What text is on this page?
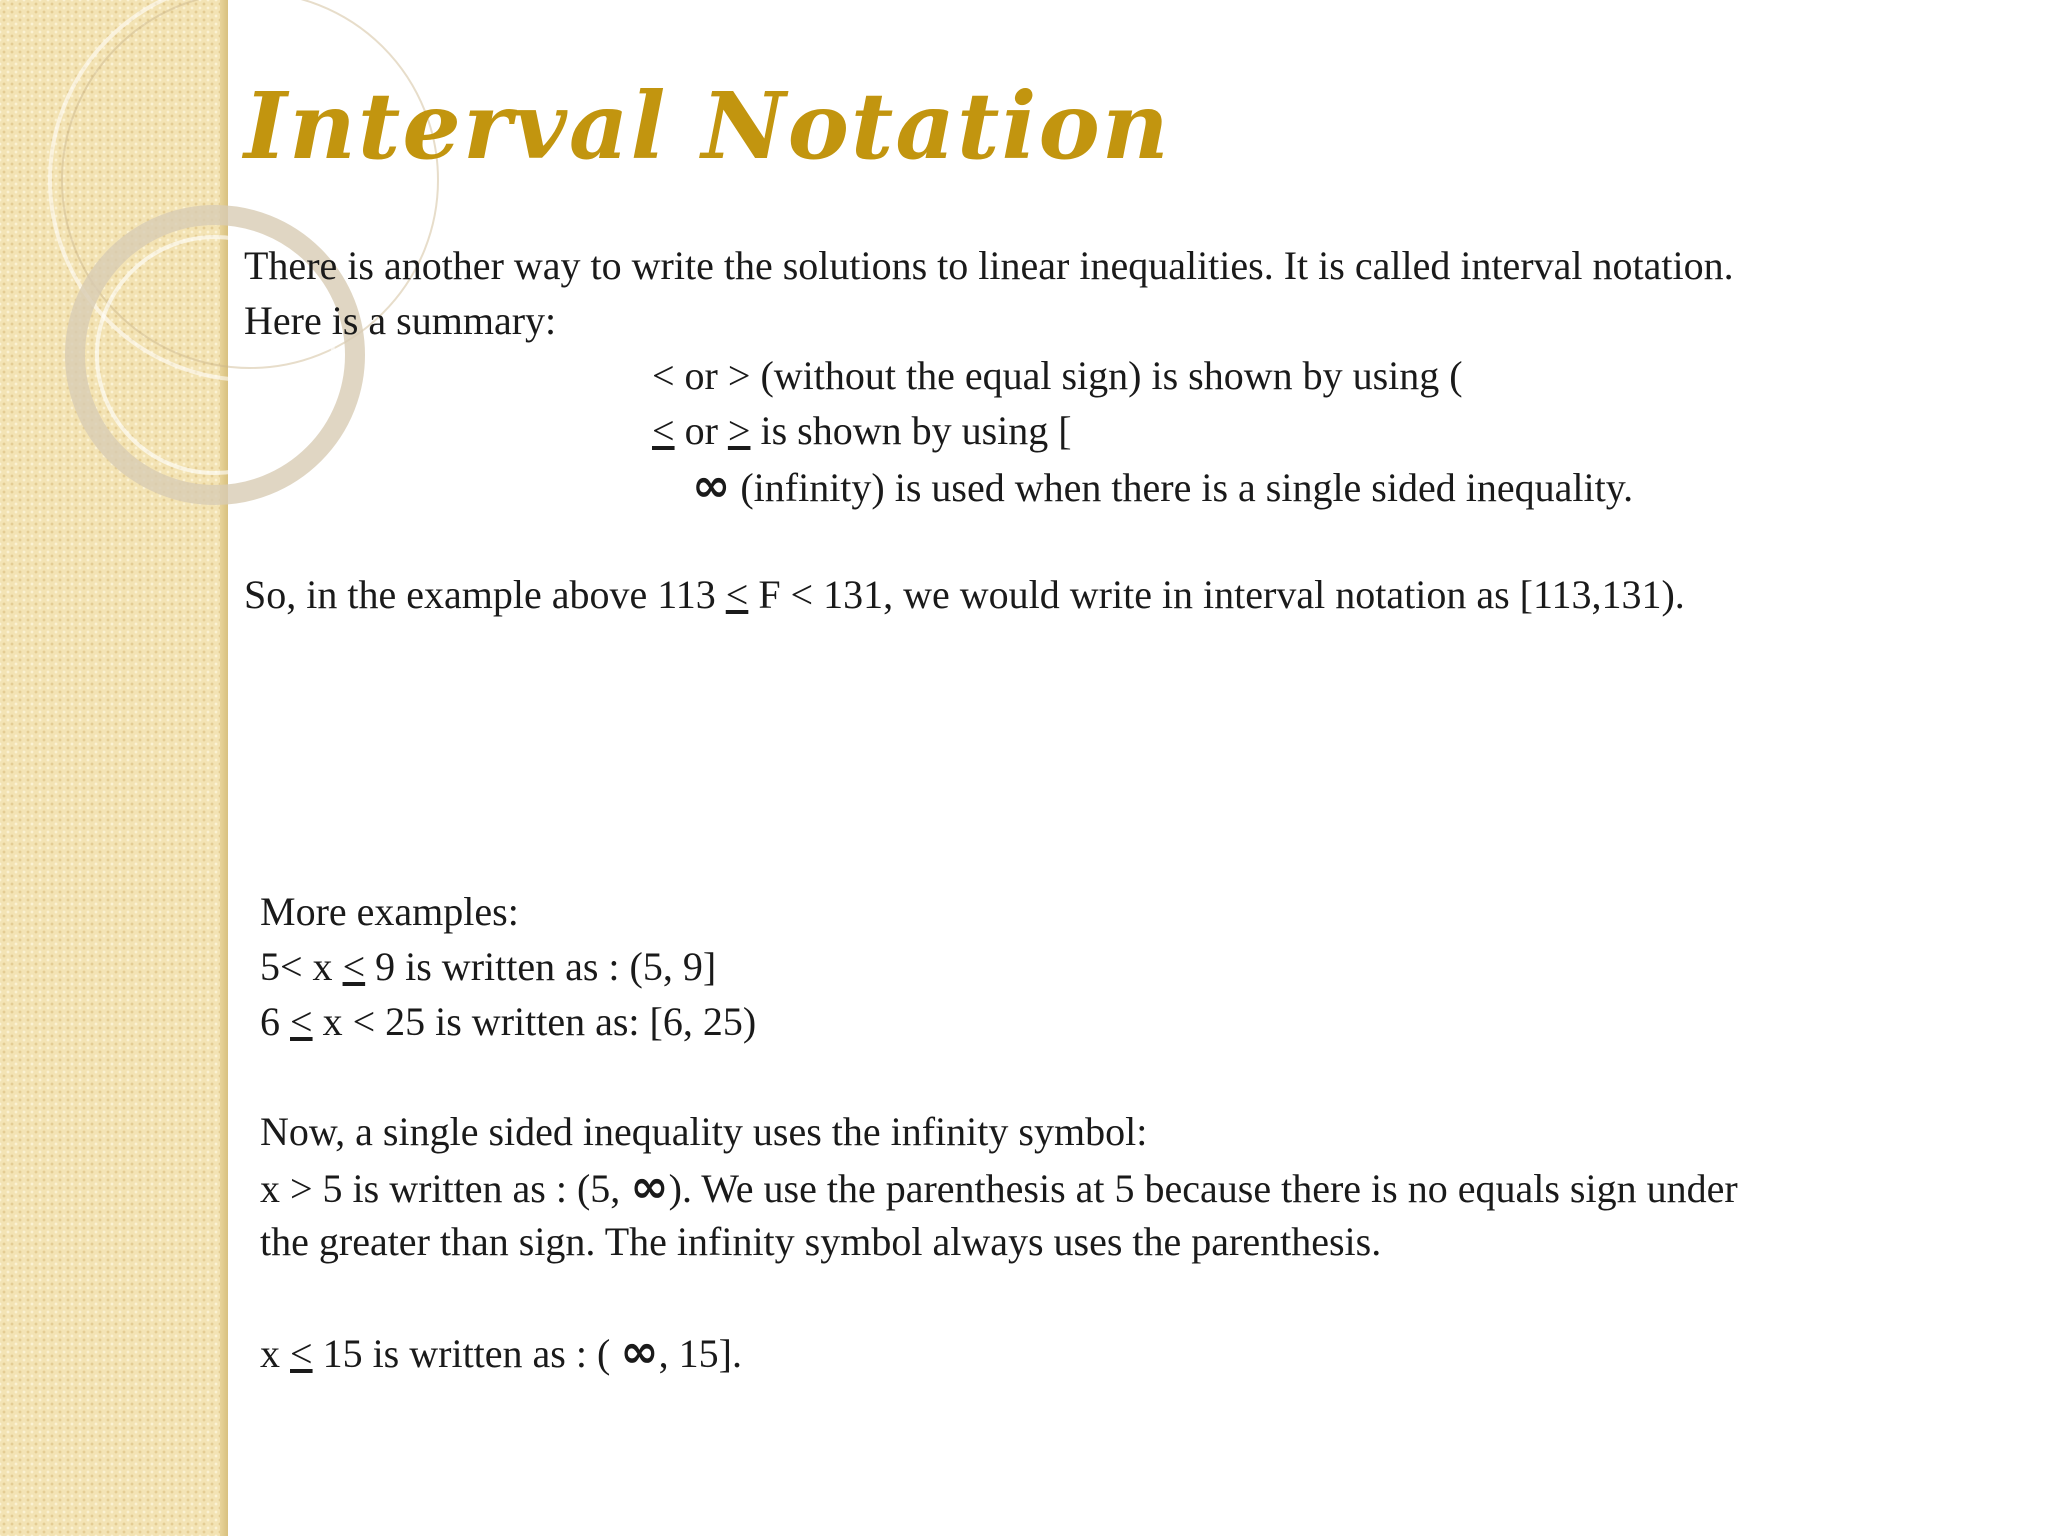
Interval Notation
There is another way to write the solutions to linear inequalities. It is called interval notation.
Here is a summary:
< or > (without the equal sign) is shown by using (
< or > is shown by using [
∞ (infinity) is used when there is a single sided inequality.
So, in the example above 113 ≤ F < 131, we would write in interval notation as [113,131).
More examples:
5< x ≤ 9 is written as : (5, 9]
6 ≤ x < 25 is written as: [6, 25)
Now, a single sided inequality uses the infinity symbol:
x > 5 is written as : (5, ∞). We use the parenthesis at 5 because there is no equals sign under
the greater than sign. The infinity symbol always uses the parenthesis.
x ≤ 15 is written as : ( ∞, 15].
